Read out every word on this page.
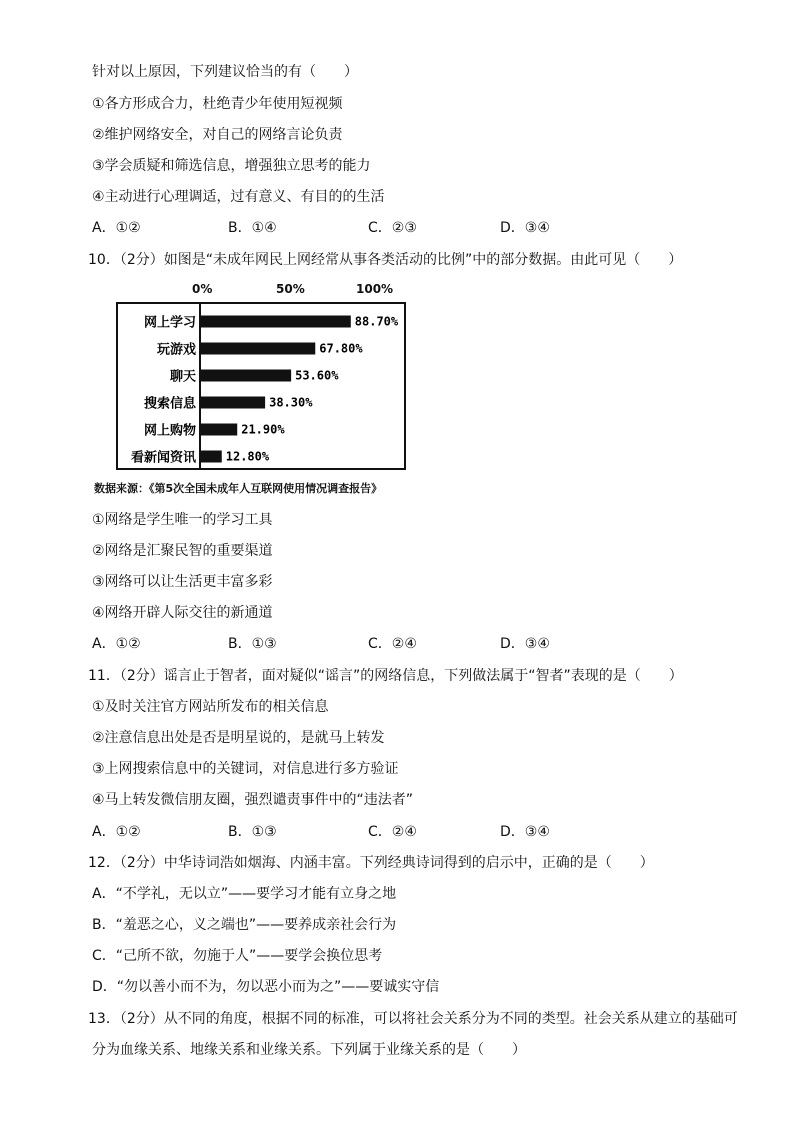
针对以上原因，下列建议恰当的有（　　）
①各方形成合力，杜绝青少年使用短视频
②维护网络安全，对自己的网络言论负责
③学会质疑和筛选信息，增强独立思考的能力
④主动进行心理调适，过有意义、有目的的生活
A．①②	B．①④	C．②③	D．③④
10．（2分）如图是“未成年网民上网经常从事各类活动的比例”中的部分数据。由此可见（　　）
0%	50%	100%
网上学习	88.70%
玩游戏	67.80%
聊天	53.60%
搜索信息	38.30%
网上购物	21.90%
看新闻资讯 12.80%
数据来源：《第5次全国未成年人互联网使用情况调查报告》
①网络是学生唯一的学习工具
②网络是汇聚民智的重要渠道
③网络可以让生活更丰富多彩
④网络开辟人际交往的新通道
A．①②	B．①③	C．②④	D．③④
11．（2分）谣言止于智者，面对疑似“谣言”的网络信息，下列做法属于“智者”表现的是（　　）
①及时关注官方网站所发布的相关信息
②注意信息出处是否是明星说的，是就马上转发
③上网搜索信息中的关键词，对信息进行多方验证
④马上转发微信朋友圈，强烈谴责事件中的“违法者”
A．①②	B．①③	C．②④	D．③④
12．（2分）中华诗词浩如烟海、内涵丰富。下列经典诗词得到的启示中，正确的是（　　）
A．“不学礼，无以立”——要学习才能有立身之地
B．“羞恶之心，义之端也”——要养成亲社会行为
C．“己所不欲，勿施于人”——要学会换位思考
D．“勿以善小而不为，勿以恶小而为之”——要诚实守信
13．（2分）从不同的角度，根据不同的标准，可以将社会关系分为不同的类型。社会关系从建立的基础可
分为血缘关系、地缘关系和业缘关系。下列属于业缘关系的是（　　）
